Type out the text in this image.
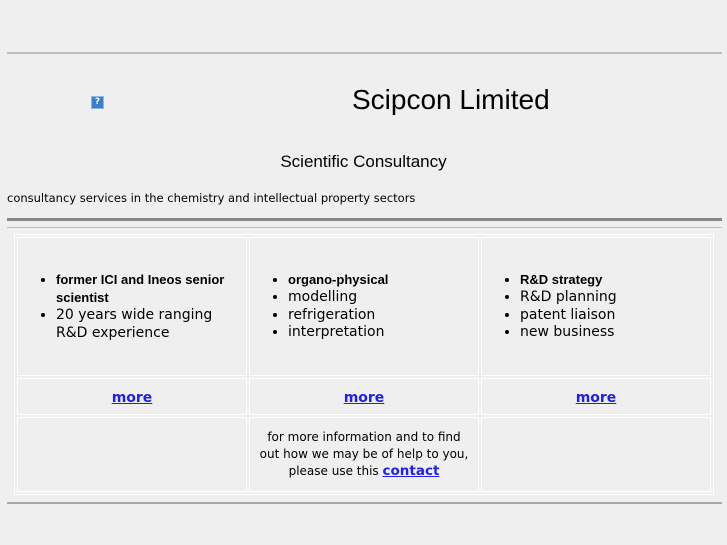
?	Scipcon Limited
Scientific Consultancy
consultancy services in the chemistry and intellectual property sectors
• former ICI and Ineos senior scientist
• 20 years wide ranging R&D experience

• organo-physical
• modelling
• refrigeration
• interpretation

• R&D strategy
• R&D planning
• patent liaison
• new business

more	more	more

	for more information and to find out how we may be of help to you, please use this contact	
